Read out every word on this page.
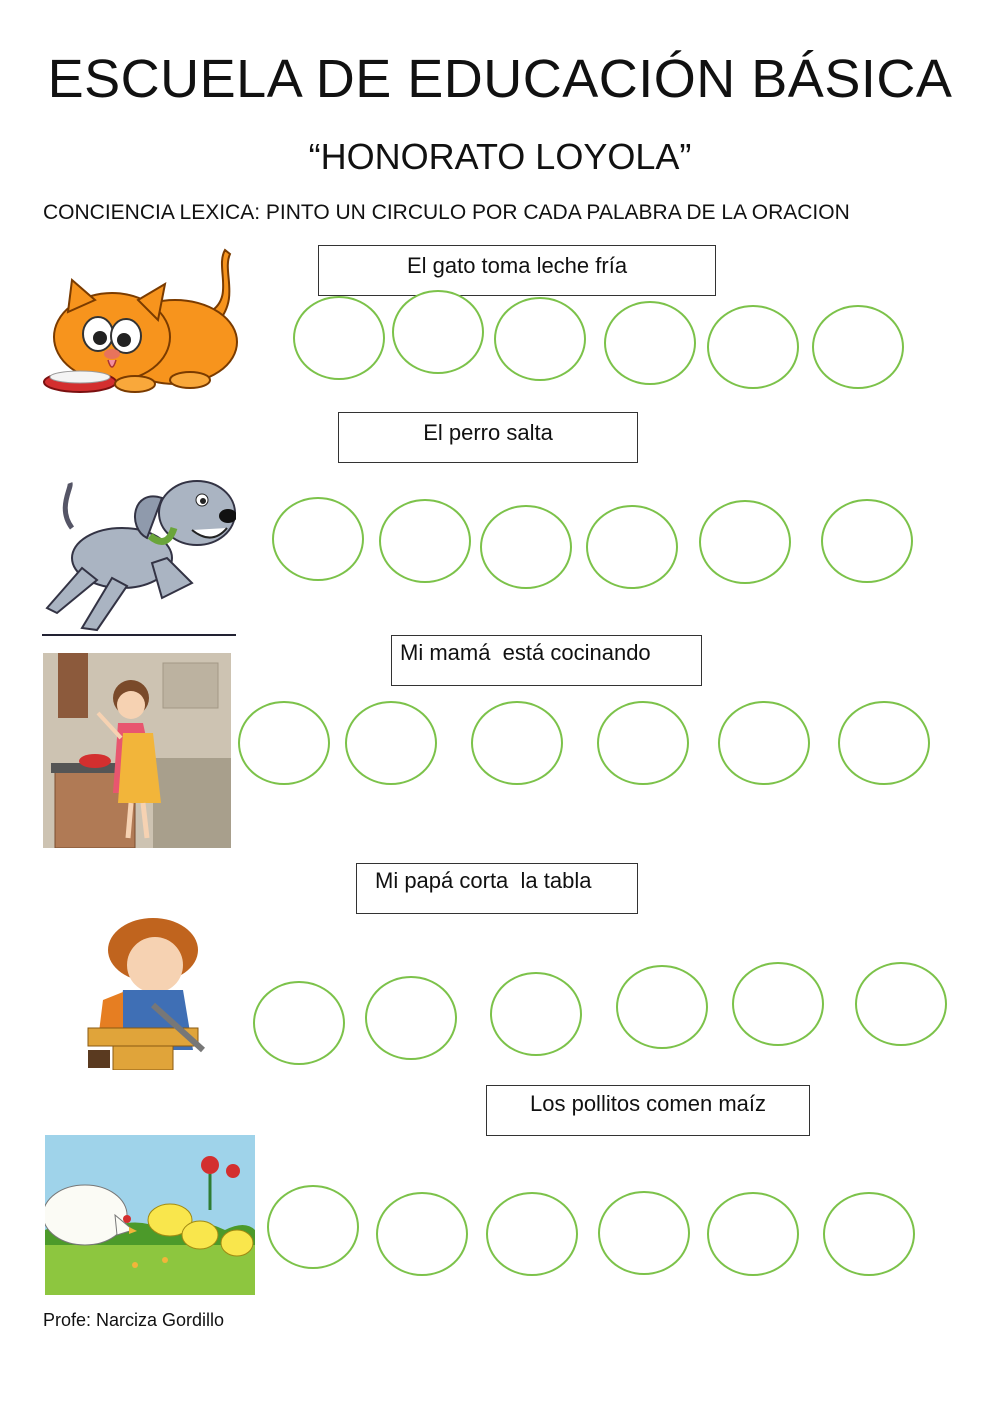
ESCUELA DE EDUCACIÓN BÁSICA
“HONORATO LOYOLA”
CONCIENCIA LEXICA: PINTO UN CIRCULO POR CADA PALABRA DE LA ORACION
El gato toma leche fría
El perro salta
Mi mamá  está cocinando
Mi papá corta  la tabla
Los pollitos comen maíz
Profe: Narciza Gordillo
